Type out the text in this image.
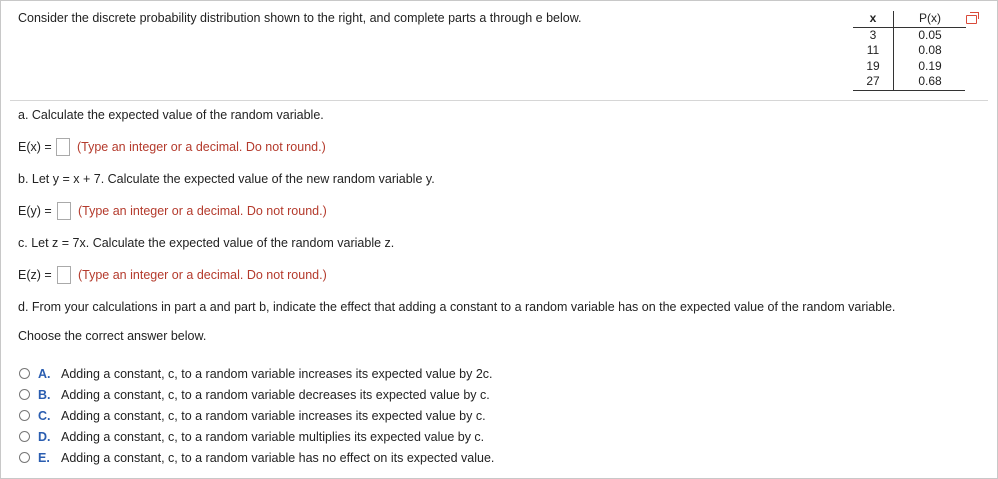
Consider the discrete probability distribution shown to the right, and complete parts a through e below.	x	P(x)
3	0.05
11	0.08
19	0.19
27	0.68
a. Calculate the expected value of the random variable.
E(x) = (Type an integer or a decimal. Do not round.)
b. Let y = x + 7. Calculate the expected value of the new random variable y.
E(y) = (Type an integer or a decimal. Do not round.)
c. Let z = 7x. Calculate the expected value of the random variable z.
E(z) = (Type an integer or a decimal. Do not round.)
d. From your calculations in part a and part b, indicate the effect that adding a constant to a random variable has on the expected value of the random variable.
Choose the correct answer below.
A. Adding a constant, c, to a random variable increases its expected value by 2c.
B. Adding a constant, c, to a random variable decreases its expected value by c.
C. Adding a constant, c, to a random variable increases its expected value by c.
D. Adding a constant, c, to a random variable multiplies its expected value by c.
E. Adding a constant, c, to a random variable has no effect on its expected value.
